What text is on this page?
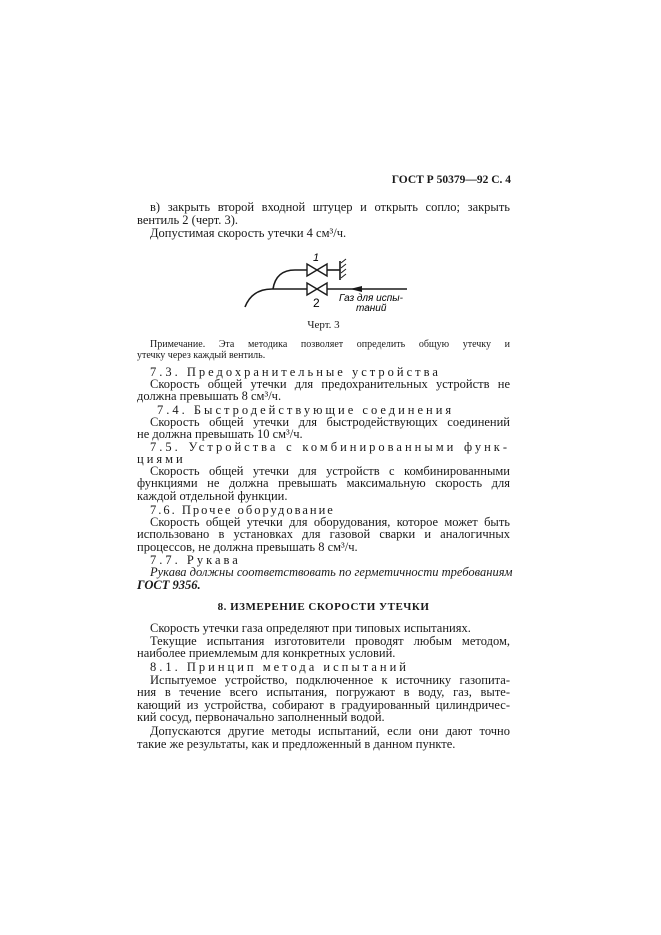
ГОСТ Р 50379—92 С. 4
в) закрыть второй входной штуцер и открыть сопло; закрыть
вентиль 2 (черт. 3).
Допустимая скорость утечки 4 см³/ч.
1
2 Газ для испы-
таний
Черт. 3
Примечание. Эта методика позволяет определить общую утечку и
утечку через каждый вентиль.
7.3. Предохранительные устройства
Скорость общей утечки для предохранительных устройств не
должна превышать 8 см³/ч.
7.4. Быстродействующие соединения
Скорость общей утечки для быстродействующих соединений
не должна превышать 10 см³/ч.
7.5. Устройства с комбинированными функ-
циями
Скорость общей утечки для устройств с комбинированными
функциями не должна превышать максимальную скорость для
каждой отдельной функции.
7.6. Прочее оборудование
Скорость общей утечки для оборудования, которое может быть
использовано в установках для газовой сварки и аналогичных
процессов, не должна превышать 8 см³/ч.
7.7. Рукава
Рукава должны соответствовать по герметичности требованиям
ГОСТ 9356.
8. ИЗМЕРЕНИЕ СКОРОСТИ УТЕЧКИ
Скорость утечки газа определяют при типовых испытаниях.
Текущие испытания изготовители проводят любым методом,
наиболее приемлемым для конкретных условий.
8.1. Принцип метода испытаний
Испытуемое устройство, подключенное к источнику газопита-
ния в течение всего испытания, погружают в воду, газ, выте-
кающий из устройства, собирают в градуированный цилиндричес-
кий сосуд, первоначально заполненный водой.
Допускаются другие методы испытаний, если они дают точно
такие же результаты, как и предложенный в данном пункте.
